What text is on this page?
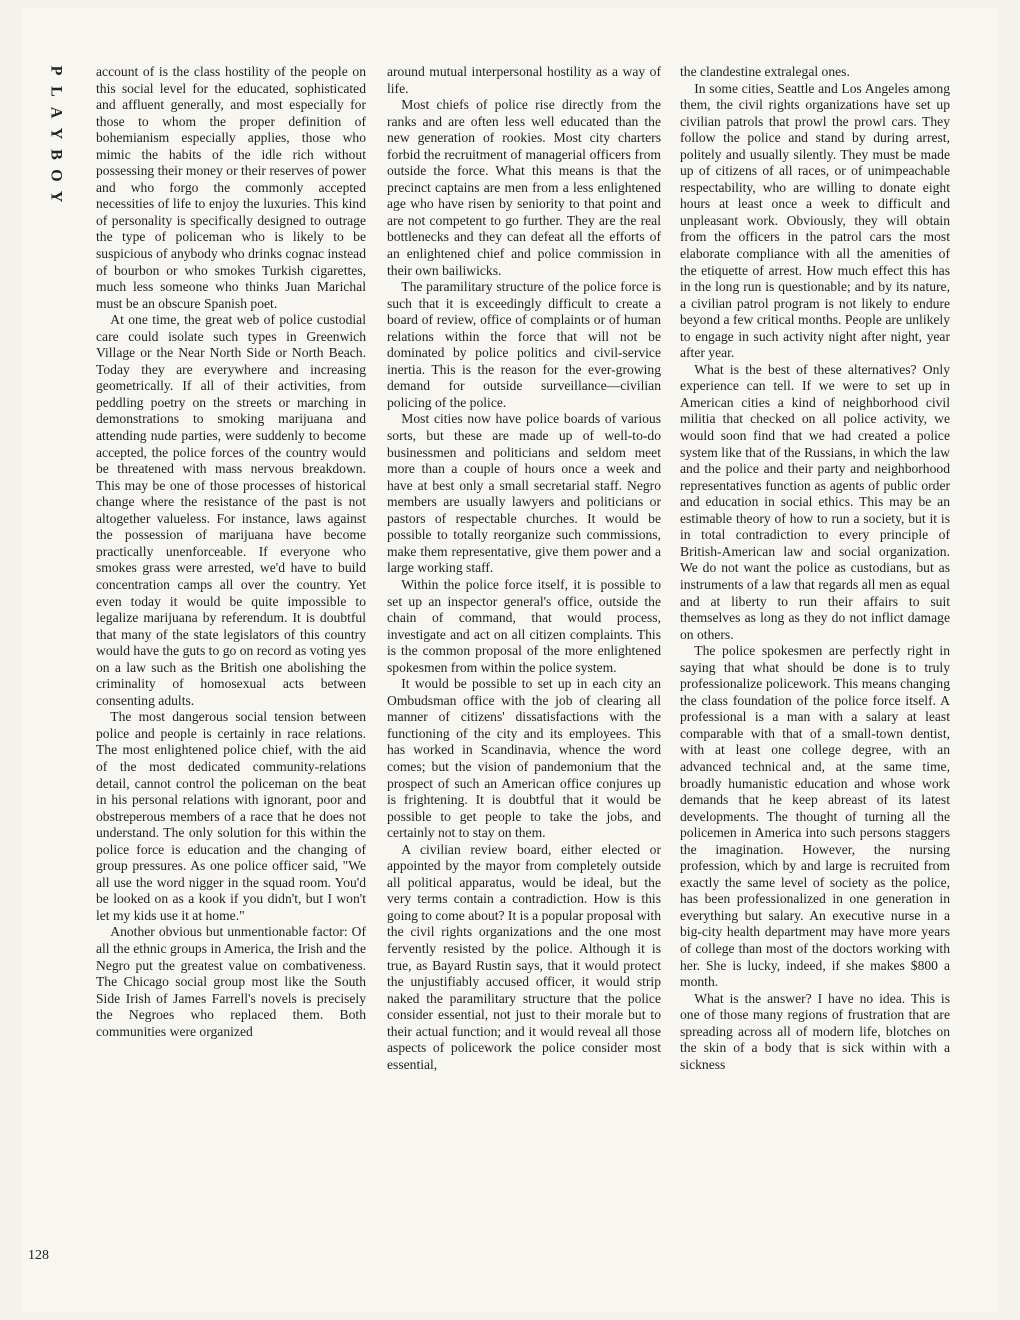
P
L
A
Y
B
O
Y

account of is the class hostility of the people on this social level for the educated, sophisticated and affluent generally, and most especially for those to whom the proper definition of bohemianism especially applies, those who mimic the habits of the idle rich without possessing their money or their reserves of power and who forgo the commonly accepted necessities of life to enjoy the luxuries. This kind of personality is specifically designed to outrage the type of policeman who is likely to be suspicious of anybody who drinks cognac instead of bourbon or who smokes Turkish cigarettes, much less someone who thinks Juan Marichal must be an obscure Spanish poet.

At one time, the great web of police custodial care could isolate such types in Greenwich Village or the Near North Side or North Beach. Today they are everywhere and increasing geometrically. If all of their activities, from peddling poetry on the streets or marching in demonstrations to smoking marijuana and attending nude parties, were suddenly to become accepted, the police forces of the country would be threatened with mass nervous breakdown. This may be one of those processes of historical change where the resistance of the past is not altogether valueless. For instance, laws against the possession of marijuana have become practically unenforceable. If everyone who smokes grass were arrested, we'd have to build concentration camps all over the country. Yet even today it would be quite impossible to legalize marijuana by referendum. It is doubtful that many of the state legislators of this country would have the guts to go on record as voting yes on a law such as the British one abolishing the criminality of homosexual acts between consenting adults.

The most dangerous social tension between police and people is certainly in race relations. The most enlightened police chief, with the aid of the most dedicated community-relations detail, cannot control the policeman on the beat in his personal relations with ignorant, poor and obstreperous members of a race that he does not understand. The only solution for this within the police force is education and the changing of group pressures. As one police officer said, "We all use the word nigger in the squad room. You'd be looked on as a kook if you didn't, but I won't let my kids use it at home."

Another obvious but unmentionable factor: Of all the ethnic groups in America, the Irish and the Negro put the greatest value on combativeness. The Chicago social group most like the South Side Irish of James Farrell's novels is precisely the Negroes who replaced them. Both communities were organized

around mutual interpersonal hostility as a way of life.

Most chiefs of police rise directly from the ranks and are often less well educated than the new generation of rookies. Most city charters forbid the recruitment of managerial officers from outside the force. What this means is that the precinct captains are men from a less enlightened age who have risen by seniority to that point and are not competent to go further. They are the real bottlenecks and they can defeat all the efforts of an enlightened chief and police commission in their own bailiwicks.

The paramilitary structure of the police force is such that it is exceedingly difficult to create a board of review, office of complaints or of human relations within the force that will not be dominated by police politics and civil-service inertia. This is the reason for the ever-growing demand for outside surveillance—civilian policing of the police.

Most cities now have police boards of various sorts, but these are made up of well-to-do businessmen and politicians and seldom meet more than a couple of hours once a week and have at best only a small secretarial staff. Negro members are usually lawyers and politicians or pastors of respectable churches. It would be possible to totally reorganize such commissions, make them representative, give them power and a large working staff.

Within the police force itself, it is possible to set up an inspector general's office, outside the chain of command, that would process, investigate and act on all citizen complaints. This is the common proposal of the more enlightened spokesmen from within the police system.

It would be possible to set up in each city an Ombudsman office with the job of clearing all manner of citizens' dissatisfactions with the functioning of the city and its employees. This has worked in Scandinavia, whence the word comes; but the vision of pandemonium that the prospect of such an American office conjures up is frightening. It is doubtful that it would be possible to get people to take the jobs, and certainly not to stay on them.

A civilian review board, either elected or appointed by the mayor from completely outside all political apparatus, would be ideal, but the very terms contain a contradiction. How is this going to come about? It is a popular proposal with the civil rights organizations and the one most fervently resisted by the police. Although it is true, as Bayard Rustin says, that it would protect the unjustifiably accused officer, it would strip naked the paramilitary structure that the police consider essential, not just to their morale but to their actual function; and it would reveal all those aspects of policework the police consider most essential,

the clandestine extralegal ones.

In some cities, Seattle and Los Angeles among them, the civil rights organizations have set up civilian patrols that prowl the prowl cars. They follow the police and stand by during arrest, politely and usually silently. They must be made up of citizens of all races, or of unimpeachable respectability, who are willing to donate eight hours at least once a week to difficult and unpleasant work. Obviously, they will obtain from the officers in the patrol cars the most elaborate compliance with all the amenities of the etiquette of arrest. How much effect this has in the long run is questionable; and by its nature, a civilian patrol program is not likely to endure beyond a few critical months. People are unlikely to engage in such activity night after night, year after year.

What is the best of these alternatives? Only experience can tell. If we were to set up in American cities a kind of neighborhood civil militia that checked on all police activity, we would soon find that we had created a police system like that of the Russians, in which the law and the police and their party and neighborhood representatives function as agents of public order and education in social ethics. This may be an estimable theory of how to run a society, but it is in total contradiction to every principle of British-American law and social organization. We do not want the police as custodians, but as instruments of a law that regards all men as equal and at liberty to run their affairs to suit themselves as long as they do not inflict damage on others.

The police spokesmen are perfectly right in saying that what should be done is to truly professionalize policework. This means changing the class foundation of the police force itself. A professional is a man with a salary at least comparable with that of a small-town dentist, with at least one college degree, with an advanced technical and, at the same time, broadly humanistic education and whose work demands that he keep abreast of its latest developments. The thought of turning all the policemen in America into such persons staggers the imagination. However, the nursing profession, which by and large is recruited from exactly the same level of society as the police, has been professionalized in one generation in everything but salary. An executive nurse in a big-city health department may have more years of college than most of the doctors working with her. She is lucky, indeed, if she makes $800 a month.

What is the answer? I have no idea. This is one of those many regions of frustration that are spreading across all of modern life, blotches on the skin of a body that is sick within with a sickness

128
